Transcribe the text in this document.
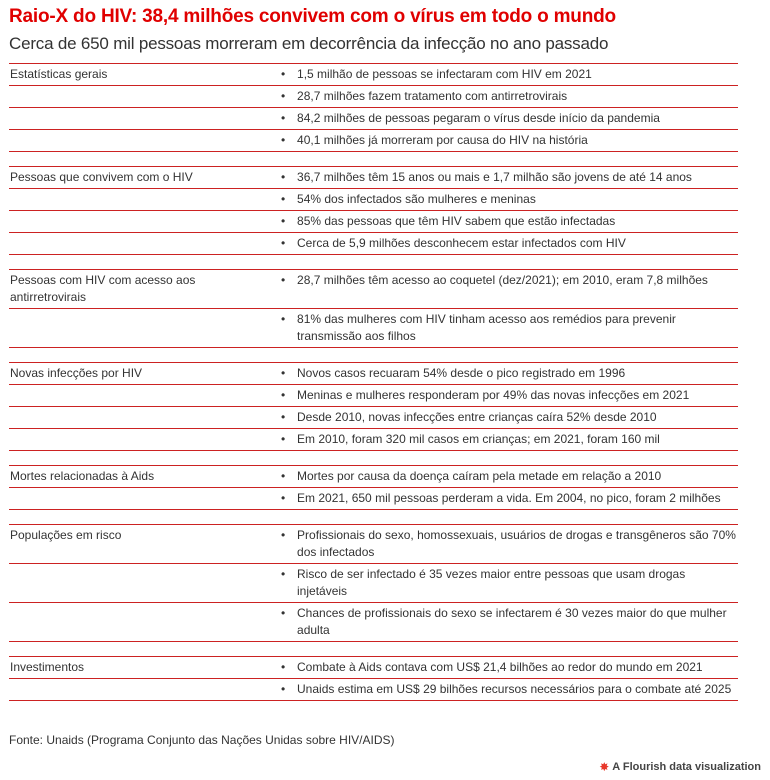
Raio-X do HIV: 38,4 milhões convivem com o vírus em todo o mundo
Cerca de 650 mil pessoas morreram em decorrência da infecção no ano passado
Estatísticas gerais	• 1,5 milhão de pessoas se infectaram com HIV em 2021

	• 28,7 milhões fazem tratamento com antirretrovirais

	• 84,2 milhões de pessoas pegaram o vírus desde início da pandemia

	• 40,1 milhões já morreram por causa do HIV na história

Pessoas que convivem com o HIV	• 36,7 milhões têm 15 anos ou mais e 1,7 milhão são jovens de até 14 anos

	• 54% dos infectados são mulheres e meninas

	• 85% das pessoas que têm HIV sabem que estão infectadas

	• Cerca de 5,9 milhões desconhecem estar infectados com HIV

Pessoas com HIV com acesso aos antirretrovirais	• 28,7 milhões têm acesso ao coquetel (dez/2021); em 2010, eram 7,8 milhões

	• 81% das mulheres com HIV tinham acesso aos remédios para prevenir transmissão aos filhos

Novas infecções por HIV	• Novos casos recuaram 54% desde o pico registrado em 1996

	• Meninas e mulheres responderam por 49% das novas infecções em 2021

	• Desde 2010, novas infecções entre crianças caíra 52% desde 2010

	• Em 2010, foram 320 mil casos em crianças; em 2021, foram 160 mil

Mortes relacionadas à Aids	• Mortes por causa da doença caíram pela metade em relação a 2010

	• Em 2021, 650 mil pessoas perderam a vida. Em 2004, no pico, foram 2 milhões

Populações em risco	• Profissionais do sexo, homossexuais, usuários de drogas e transgêneros são 70% dos infectados

	• Risco de ser infectado é 35 vezes maior entre pessoas que usam drogas injetáveis

	• Chances de profissionais do sexo se infectarem é 30 vezes maior do que mulher adulta

Investimentos	• Combate à Aids contava com US$ 21,4 bilhões ao redor do mundo em 2021

	• Unaids estima em US$ 29 bilhões recursos necessários para o combate até 2025
Fonte: Unaids (Programa Conjunto das Nações Unidas sobre HIV/AIDS)
✸ A Flourish data visualization
